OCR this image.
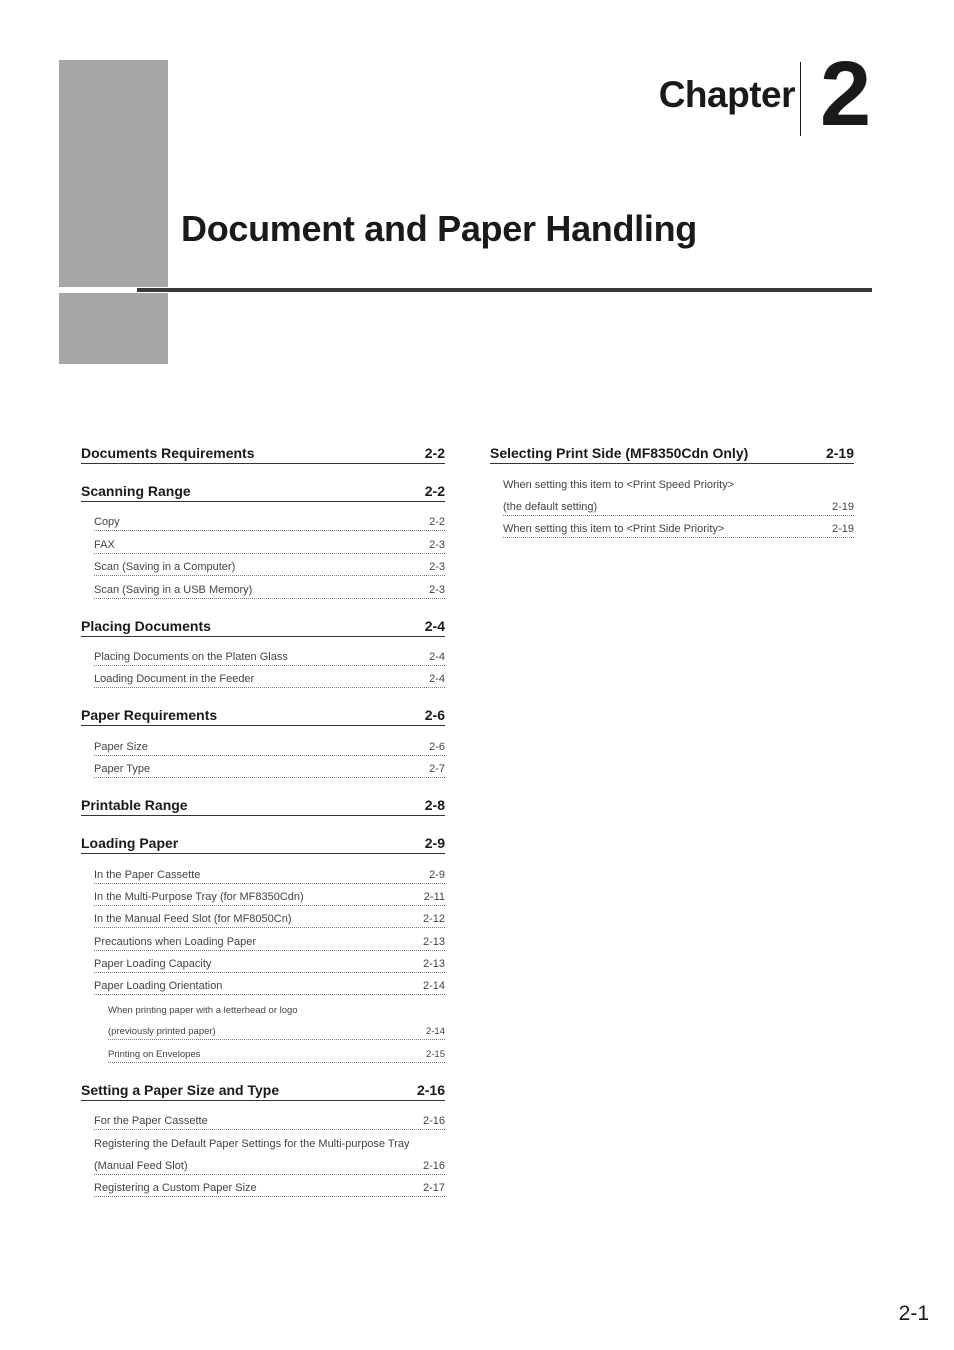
Chapter 2
Document and Paper Handling
Documents Requirements	2-2
Scanning Range	2-2
Copy	2-2
FAX	2-3
Scan (Saving in a Computer)	2-3
Scan (Saving in a USB Memory)	2-3
Placing Documents	2-4
Placing Documents on the Platen Glass	2-4
Loading Document in the Feeder	2-4
Paper Requirements	2-6
Paper Size	2-6
Paper Type	2-7
Printable Range	2-8
Loading Paper	2-9
In the Paper Cassette	2-9
In the Multi-Purpose Tray (for MF8350Cdn)	2-11
In the Manual Feed Slot (for MF8050Cn)	2-12
Precautions when Loading Paper	2-13
Paper Loading Capacity	2-13
Paper Loading Orientation	2-14
When printing paper with a letterhead or logo
(previously printed paper)	2-14
Printing on Envelopes	2-15
Setting a Paper Size and Type	2-16
For the Paper Cassette	2-16
Registering the Default Paper Settings for the Multi-purpose Tray
(Manual Feed Slot)	2-16
Registering a Custom Paper Size	2-17
Selecting Print Side (MF8350Cdn Only)	2-19
When setting this item to <Print Speed Priority>
(the default setting)	2-19
When setting this item to <Print Side Priority>	2-19
2-1
